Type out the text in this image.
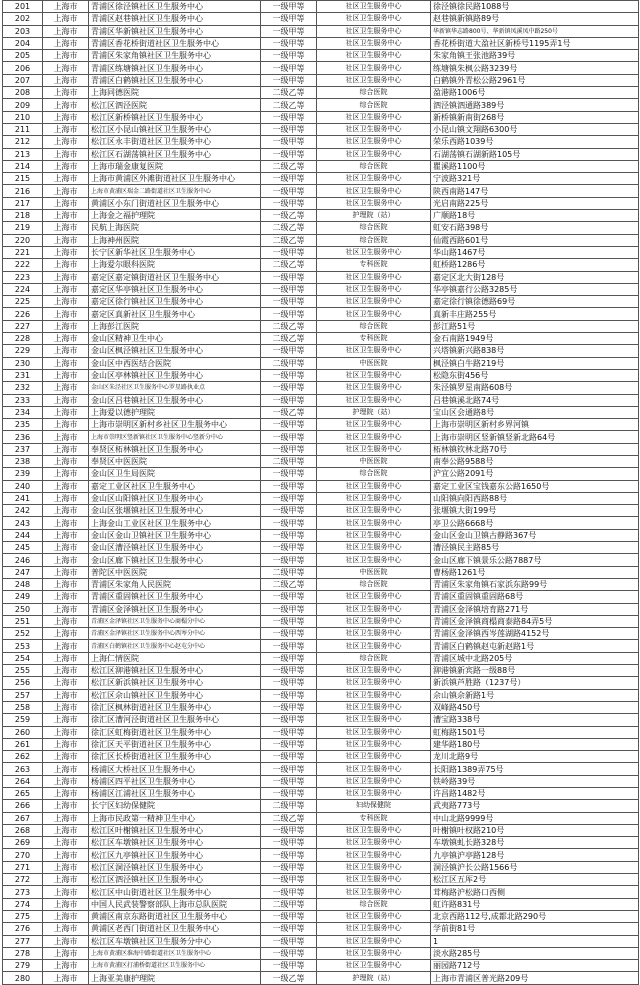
201	上海市	青浦区徐泾镇社区卫生服务中心	一级甲等	社区卫生服务中心	徐泾镇徐民路1088号
202	上海市	青浦区赵巷镇社区卫生服务中心	一级甲等	社区卫生服务中心	赵巷镇新镇路89号
203	上海市	青浦区华新镇社区卫生服务中心	一级甲等	社区卫生服务中心	华新镇华志路800号、华新镇凤溪凤中路250号
204	上海市	青浦区香花桥街道社区卫生服务中心	一级甲等	社区卫生服务中心	香花桥街道大盈社区新桥号1195弄1号
205	上海市	青浦区朱家角镇社区卫生服务中心	一级甲等	社区卫生服务中心	朱家角镇王张池路39号
206	上海市	青浦区练塘镇社区卫生服务中心	一级甲等	社区卫生服务中心	练塘镇朱枫公路3239号
207	上海市	青浦区白鹤镇社区卫生服务中心	一级甲等	社区卫生服务中心	白鹤镇外青松公路2961号
208	上海市	上海同德医院	二级乙等	综合医院	盈港路1006号
209	上海市	松江区泗泾医院	二级乙等	综合医院	泗泾镇泗通路389号
210	上海市	松江区新桥镇社区卫生服务中心	一级甲等	社区卫生服务中心	新桥镇新南街268号
211	上海市	松江区小昆山镇社区卫生服务中心	一级甲等	社区卫生服务中心	小昆山镇文翔路6300号
212	上海市	松江区永丰街道社区卫生服务中心	一级甲等	社区卫生服务中心	荣乐西路1039号
213	上海市	松江区石湖荡镇社区卫生服务中心	一级甲等	社区卫生服务中心	石湖荡镇石湖新路105号
214	上海市	上海市瑞金康复医院	二级乙等	综合医院	瞿溪路1100号
215	上海市	上海市黄浦区外滩街道社区卫生服务中心	一级甲等	社区卫生服务中心	宁波路321号
216	上海市	上海市黄浦区瑞金二路街道社区卫生服务中心	一级甲等	社区卫生服务中心	陕西南路147号
217	上海市	黄浦区小东门街道社区卫生服务中心	一级甲等	社区卫生服务中心	光启南路225号
218	上海市	上海金之福护理院	一级乙等	护理院（站）	广顺路18号
219	上海市	民航上海医院	二级乙等	综合医院	虹安石路398号
220	上海市	上海神州医院	二级乙等	综合医院	仙霞西路601号
221	上海市	长宁区新华社区卫生服务中心	一级甲等	社区卫生服务中心	华山路1467号
222	上海市	上海爱尔眼科医院	二级乙等	专科医院	虹桥路1286号
223	上海市	嘉定区嘉定镇街道社区卫生服务中心	一级甲等	社区卫生服务中心	嘉定区北大街128号
224	上海市	嘉定区华亭镇社区卫生服务中心	一级甲等	社区卫生服务中心	华亭镇嘉行公路3285号
225	上海市	嘉定区徐行镇社区卫生服务中心	一级甲等	社区卫生服务中心	嘉定徐行镇徐德路69号
226	上海市	嘉定区真新社区卫生服务中心	一级甲等	社区卫生服务中心	真新丰庄路255号
227	上海市	上海彭江医院	二级乙等	综合医院	彭江路51号
228	上海市	金山区精神卫生中心	二级乙等	专科医院	金石南路1949号
229	上海市	金山区枫泾镇社区卫生服务中心	一级甲等	社区卫生服务中心	兴塔镇新兴路838号
230	上海市	金山区中西医结合医院	二级甲等	中医医院	枫泾镇白牛路219号
231	上海市	金山区亭林镇社区卫生服务中心	一级甲等	社区卫生服务中心	松隐东街456号
232	上海市	金山区朱泾社区卫生服务中心罗星路执业点	一级甲等	社区卫生服务中心	朱泾镇罗星南路608号
233	上海市	金山区吕巷镇社区卫生服务中心	一级甲等	社区卫生服务中心	吕巷镇溪北路74号
234	上海市	上海爱以德护理院	一级乙等	护理院（站）	宝山区会通路8号
235	上海市	上海市崇明区新村乡社区卫生服务中心	一级甲等	社区卫生服务中心	上海市崇明区新村乡界河镇
236	上海市	上海市崇明区竖新镇社区卫生服务中心竖新分中心	一级甲等	社区卫生服务中心	上海市崇明区竖新镇竖新北路64号
237	上海市	奉贤区柘林镇社区卫生服务中心	一级甲等	社区卫生服务中心	柘林镇钦林北路70号
238	上海市	奉贤区中医医院	二级甲等	中医医院	南奉公路9588号
239	上海市	金山区卫生局医院	一级甲等	综合医院	沪宜公路2091号
240	上海市	嘉定工业区社区卫生服务中心	一级甲等	社区卫生服务中心	嘉定工业区宝钱嘉东公路1650号
241	上海市	金山区山阳镇社区卫生服务中心	一级甲等	社区卫生服务中心	山阳镇向阳西路88号
242	上海市	金山区张堰镇社区卫生服务中心	一级甲等	社区卫生服务中心	张堰镇大街199号
243	上海市	上海金山工业区社区卫生服务中心	一级甲等	社区卫生服务中心	亭卫公路6668号
244	上海市	金山区金山卫镇社区卫生服务中心	一级甲等	社区卫生服务中心	金山区金山卫镇古静路367号
245	上海市	金山区漕泾镇社区卫生服务中心	一级甲等	社区卫生服务中心	漕泾镇民主路85号
246	上海市	金山区廊下镇社区卫生服务中心	一级甲等	社区卫生服务中心	金山区廊下镇景乐公路7887号
247	上海市	普陀区中医医院	二级甲等	中医医院	曹杨路1261号
248	上海市	青浦区朱家角人民医院	二级乙等	综合医院	青浦区朱家角镇石家浜东路99号
249	上海市	青浦区重固镇社区卫生服务中心	一级甲等	社区卫生服务中心	青浦区重固镇重固路68号
250	上海市	青浦区金泽镇社区卫生服务中心	一级甲等	社区卫生服务中心	青浦区金泽镇培育路271号
251	上海市	青浦区金泽镇社区卫生服务中心商榻分中心	一级甲等	社区卫生服务中心	青浦区金泽镇商榻商泰路84弄5号
252	上海市	青浦区金泽镇社区卫生服务中心西岑分中心	一级甲等	社区卫生服务中心	青浦区金泽镇西岑莲湖路4152号
253	上海市	青浦区白鹤镇社区卫生服务中心赵屯分中心	一级甲等	社区卫生服务中心	青浦区白鹤镇赵屯新赵路1号
254	上海市	上海仁情医院	一级甲等	综合医院	青浦区城中北路205号
255	上海市	松江区泖港镇社区卫生服务中心	一级甲等	社区卫生服务中心	泖港镇新宾路一级88号
256	上海市	松江区新浜镇社区卫生服务中心	一级甲等	社区卫生服务中心	新浜镇芦胜路（1237号）
257	上海市	松江区佘山镇社区卫生服务中心	一级甲等	社区卫生服务中心	佘山镇佘新路1号
258	上海市	徐汇区枫林街道社区卫生服务中心	一级甲等	社区卫生服务中心	双峰路450号
259	上海市	徐汇区漕河泾街道社区卫生服务中心	一级甲等	社区卫生服务中心	漕宝路338号
260	上海市	徐汇区虹梅街道社区卫生服务中心	一级甲等	社区卫生服务中心	虹梅路1501号
261	上海市	徐汇区天平街道社区卫生服务中心	一级甲等	社区卫生服务中心	建华路180号
262	上海市	徐汇区长桥街道社区卫生服务中心	一级甲等	社区卫生服务中心	龙川北路9号
263	上海市	杨浦区大桥社区卫生服务中心	一级甲等	社区卫生服务中心	长阳路1389弄75号
264	上海市	杨浦区四平社区卫生服务中心	一级甲等	社区卫生服务中心	铁岭路39号
265	上海市	杨浦区江浦社区卫生服务中心	一级甲等	社区卫生服务中心	许昌路1482号
266	上海市	长宁区妇幼保健院	二级甲等	妇幼保健院	武夷路773号
267	上海市	上海市民政第一精神卫生中心	二级乙等	专科医院	中山北路9999号
268	上海市	松江区叶榭镇社区卫生服务中心	一级甲等	社区卫生服务中心	叶榭镇叶权路210号
269	上海市	松江区车墩镇社区卫生服务中心	一级甲等	社区卫生服务中心	车墩镇虬长路328号
270	上海市	松江区九亭镇社区卫生服务中心	一级甲等	社区卫生服务中心	九亭镇沪亭路128号
271	上海市	松江区洞泾镇社区卫生服务中心	一级甲等	社区卫生服务中心	洞泾镇沪长公路1566号
272	上海市	松江区泗泾镇社区卫生服务中心	一级甲等	社区卫生服务中心	松江区五厍2号
273	上海市	松江区中山街道社区卫生服务中心	一级甲等	社区卫生服务中心	茸梅路沪松路口西侧
274	上海市	中国人民武装警察部队上海市总队医院	二级甲等	综合医院	虹许路831号
275	上海市	黄浦区南京东路街道社区卫生服务中心	一级甲等	社区卫生服务中心	北京西路112号,成都北路290号
276	上海市	黄浦区老西门街道社区卫生服务中心	一级甲等	社区卫生服务中心	学前街81号
277	上海市	松江区车墩镇社区卫生服务分中心	一级甲等	社区卫生服务中心	1
278	上海市	上海市黄浦区淮海中路街道社区卫生服务中心	一级甲等	社区卫生服务中心	淡水路285号
279	上海市	上海市黄浦区打浦桥街道社区卫生服务中心	一级甲等	社区卫生服务中心	丽园路712号
280	上海市	上海亚美康护理院	一级乙等	护理院（站）	上海市青浦区普光路209号
